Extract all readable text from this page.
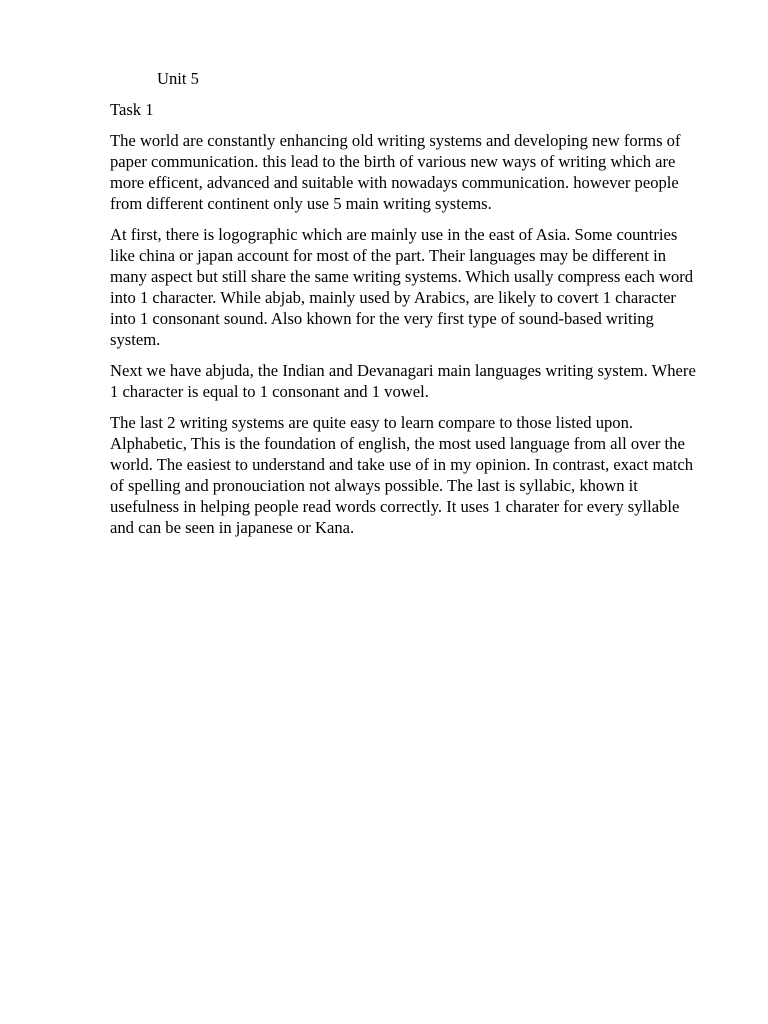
Unit 5
Task 1

The world are constantly enhancing old writing systems and developing new forms of paper communication. this lead to the birth of various new ways of writing which are more efficent, advanced and suitable with nowadays communication. however people from different continent only use 5 main writing systems.

At first, there is logographic which are mainly use in the east of Asia. Some countries like china or japan account for most of the part. Their languages may be different in many aspect but still share the same writing systems. Which usally compress each word into 1 character. While abjab, mainly used by Arabics, are likely to covert 1 character into 1 consonant sound. Also khown for the very first type of sound-based writing system.

Next we have abjuda, the Indian and Devanagari main languages writing system. Where 1 character is equal to 1 consonant and 1 vowel.

The last 2 writing systems are quite easy to learn compare to those listed upon. Alphabetic, This is the foundation of english, the most used language from all over the world. The easiest to understand and take use of in my opinion. In contrast, exact match of spelling and pronouciation not always possible. The last is syllabic, khown it usefulness in helping people read words correctly. It uses 1 charater for every syllable and can be seen in japanese or Kana.
